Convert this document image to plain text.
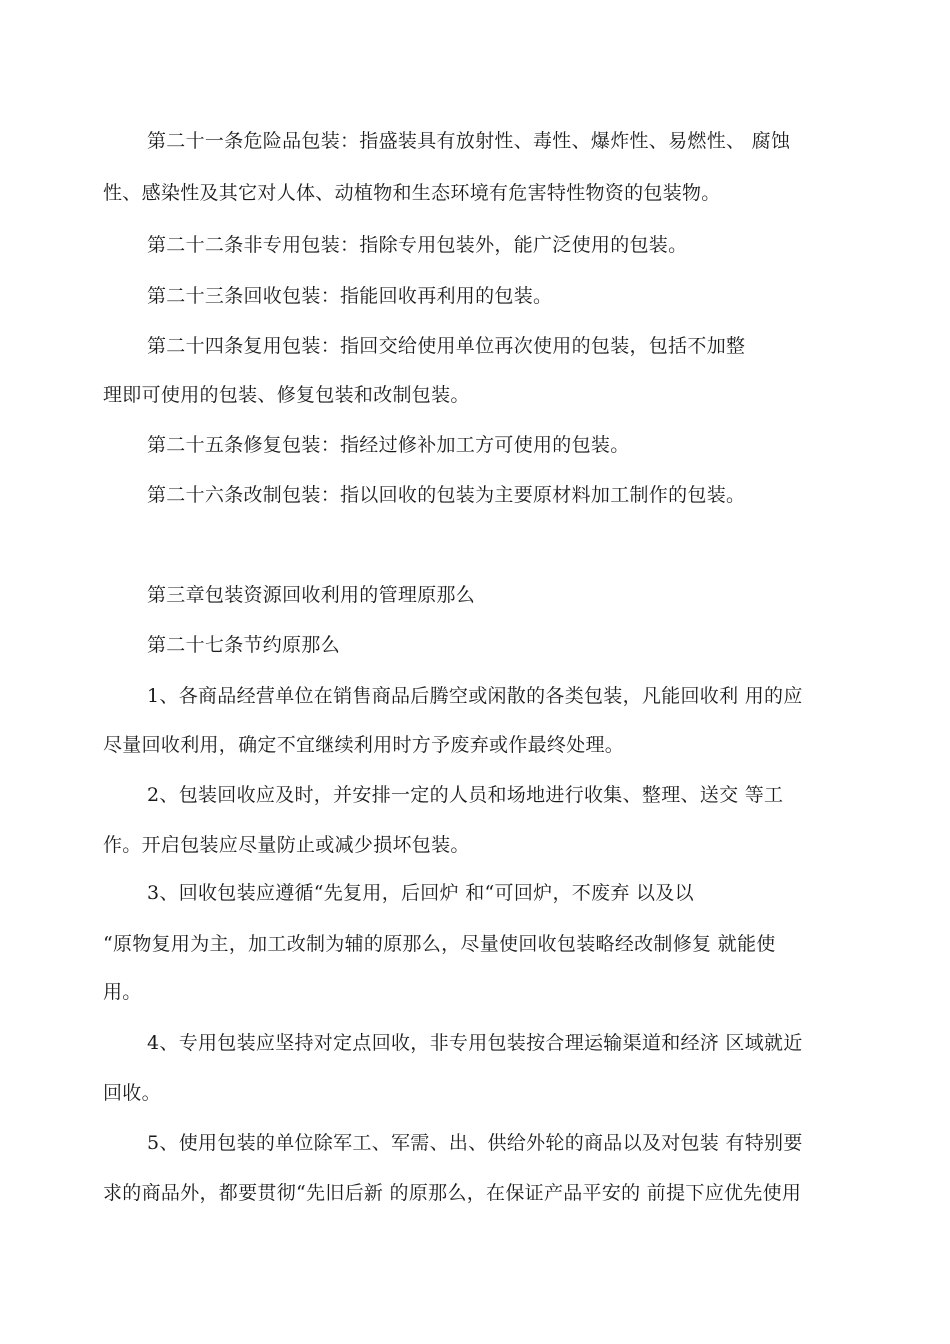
第二十一条危险品包装：指盛装具有放射性、毒性、爆炸性、易燃性、 腐蚀
性、感染性及其它对人体、动植物和生态环境有危害特性物资的包装物。
第二十二条非专用包装：指除专用包装外，能广泛使用的包装。
第二十三条回收包装：指能回收再利用的包装。
第二十四条复用包装：指回交给使用单位再次使用的包装，包括不加整
理即可使用的包装、修复包装和改制包装。
第二十五条修复包装：指经过修补加工方可使用的包装。
第二十六条改制包装：指以回收的包装为主要原材料加工制作的包装。
第三章包装资源回收利用的管理原那么
第二十七条节约原那么
1、各商品经营单位在销售商品后腾空或闲散的各类包装，凡能回收利 用的应
尽量回收利用，确定不宜继续利用时方予废弃或作最终处理。
2、包装回收应及时，并安排一定的人员和场地进行收集、整理、送交 等工
作。开启包装应尽量防止或减少损坏包装。
3、回收包装应遵循“先复用，后回炉 和“可回炉，不废弃 以及以
“原物复用为主，加工改制为辅的原那么，尽量使回收包装略经改制修复 就能使
用。
4、专用包装应坚持对定点回收，非专用包装按合理运输渠道和经济 区域就近
回收。
5、使用包装的单位除军工、军需、出、供给外轮的商品以及对包装 有特别要
求的商品外，都要贯彻“先旧后新 的原那么，在保证产品平安的 前提下应优先使用
